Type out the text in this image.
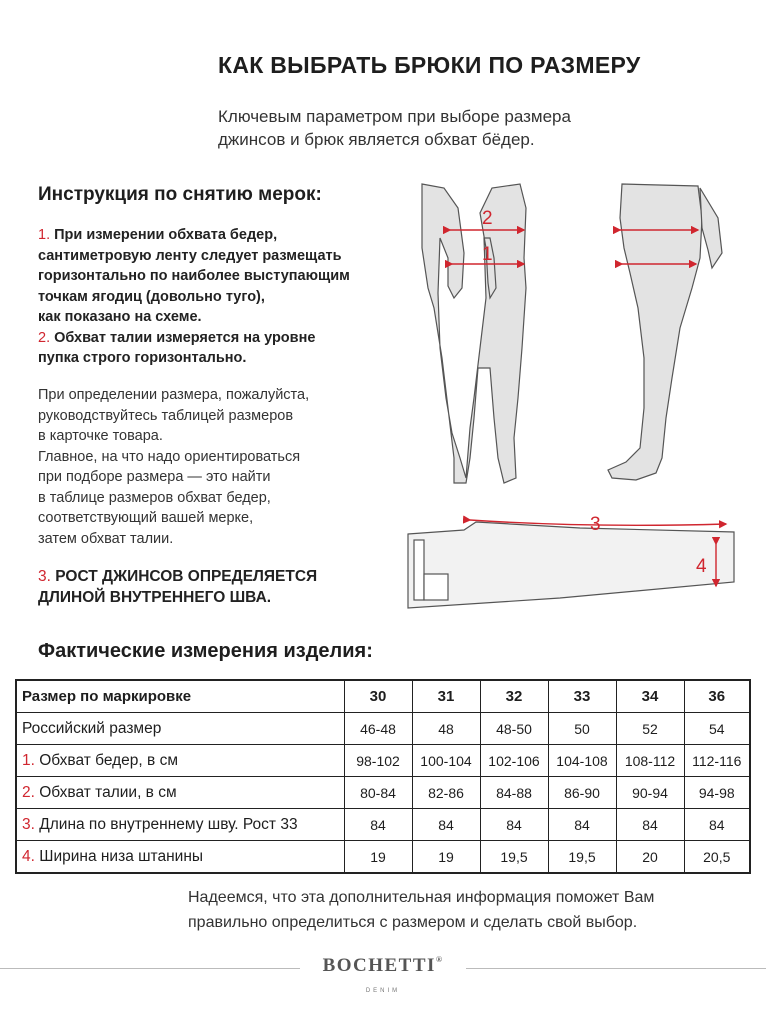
КАК ВЫБРАТЬ БРЮКИ ПО РАЗМЕРУ
Ключевым параметром при выборе размера
джинсов и брюк является обхват бёдер.
Инструкция по снятию мерок:
1. При измерении обхвата бедер,
сантиметровую ленту следует размещать
горизонтально по наиболее выступающим
точкам ягодиц (довольно туго),
как показано на схеме.
2. Обхват талии измеряется на уровне
пупка строго горизонтально.
При определении размера, пожалуйста,
руководствуйтесь таблицей размеров
в карточке товара.
Главное, на что надо ориентироваться
при подборе размера — это найти
в таблице размеров обхват бедер,
соответствующий вашей мерке,
затем обхват талии.
3. РОСТ ДЖИНСОВ ОПРЕДЕЛЯЕТСЯ
ДЛИНОЙ ВНУТРЕННЕГО ШВА.
2
1
3
4
Фактические измерения изделия:
Размер по маркировке	30	31	32	33	34	36
Российский размер	46-48	48	48-50	50	52	54
1. Обхват бедер, в см	98-102	100-104	102-106	104-108	108-112	112-116
2. Обхват талии, в см	80-84	82-86	84-88	86-90	90-94	94-98
3. Длина по внутреннему шву. Рост 33	84	84	84	84	84	84
4. Ширина низа штанины	19	19	19,5	19,5	20	20,5
Надеемся, что эта дополнительная информация поможет Вам
правильно определиться с размером и сделать свой выбор.
BOCHETTI®
DENIM
